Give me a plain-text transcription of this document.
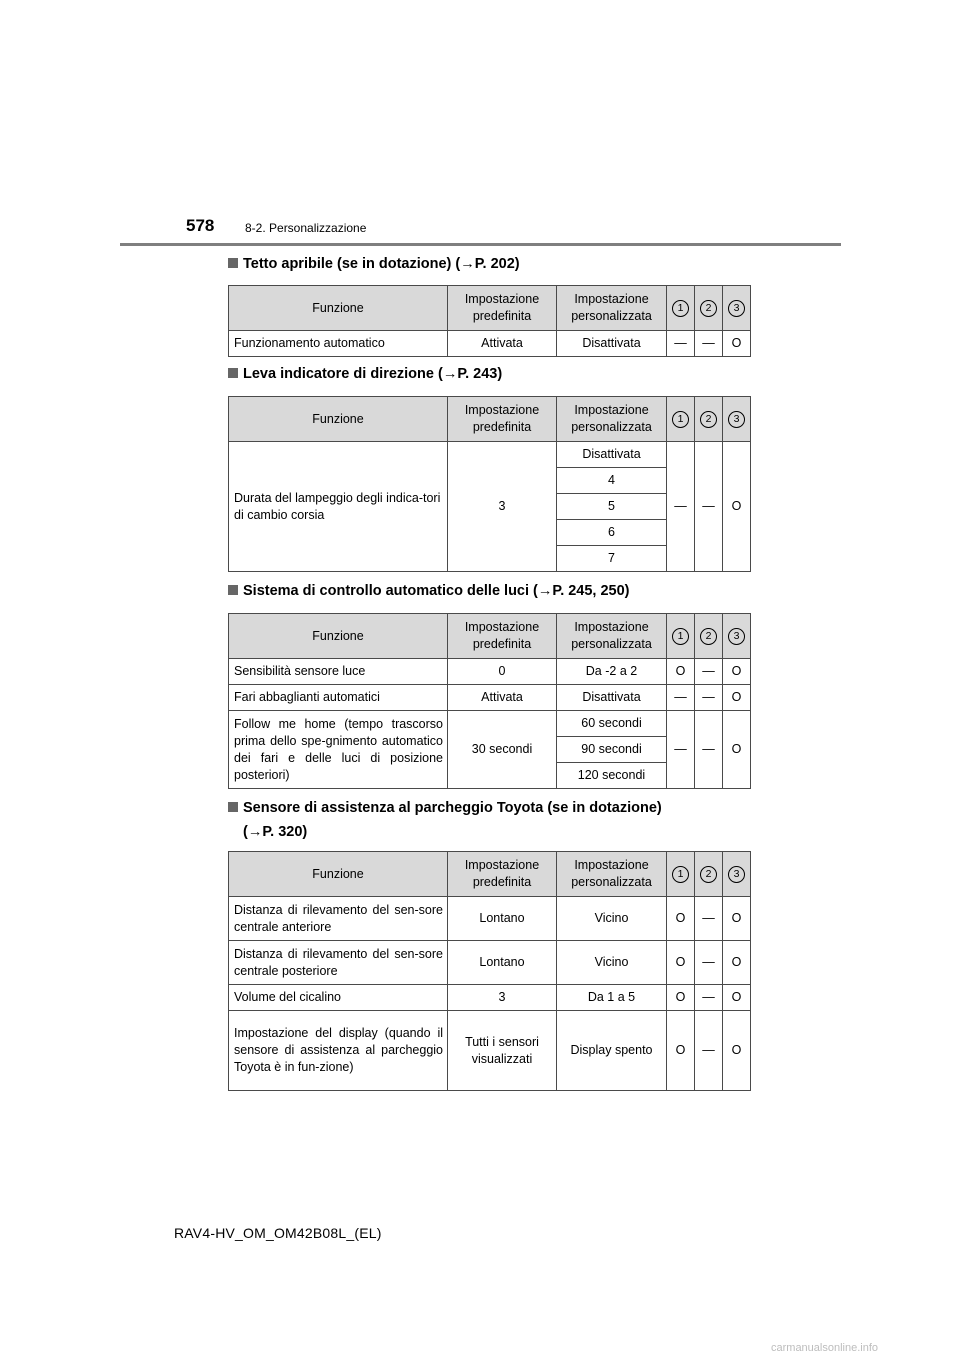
578	8-2. Personalizzazione
Tetto apribile (se in dotazione) (→P. 202)
Funzione	Impostazione predefinita	Impostazione personalizzata	1	2	3
Funzionamento automatico	Attivata	Disattivata	—	—	O
Leva indicatore di direzione (→P. 243)
Funzione	Impostazione predefinita	Impostazione personalizzata	1	2	3
Durata del lampeggio degli indica-tori di cambio corsia	3	Disattivata	—	—	O
		4			
		5			
		6			
		7			
Sistema di controllo automatico delle luci (→P. 245, 250)
Funzione	Impostazione predefinita	Impostazione personalizzata	1	2	3
Sensibilità sensore luce	0	Da -2 a 2	O	—	O
Fari abbaglianti automatici	Attivata	Disattivata	—	—	O
Follow me home (tempo trascorso prima dello spe-gnimento automatico dei fari e delle luci di posizione posteriori)	30 secondi	60 secondi	—	—	O
		90 secondi			
		120 secondi			
Sensore di assistenza al parcheggio Toyota (se in dotazione)
(→P. 320)
Funzione	Impostazione predefinita	Impostazione personalizzata	1	2	3
Distanza di rilevamento del sen-sore centrale anteriore	Lontano	Vicino	O	—	O
Distanza di rilevamento del sen-sore centrale posteriore	Lontano	Vicino	O	—	O
Volume del cicalino	3	Da 1 a 5	O	—	O
Impostazione del display (quando il sensore di assistenza al parcheggio Toyota è in fun-zione)	Tutti i sensori visualizzati	Display spento	O	—	O
RAV4-HV_OM_OM42B08L_(EL)
carmanualsonline.info
